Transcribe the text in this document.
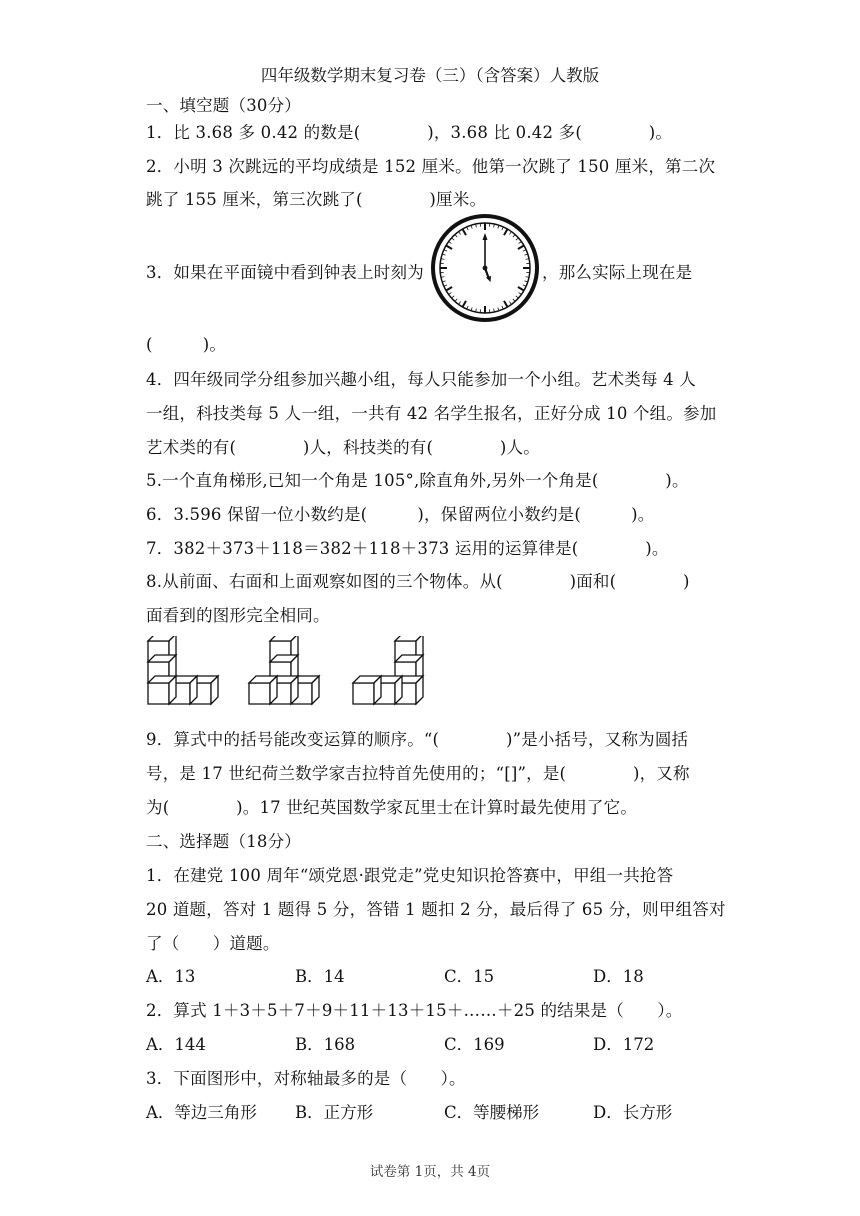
四年级数学期末复习卷（三）（含答案）人教版
一、填空题（30分）
1．比 3.68 多 0.42 的数是(　　　　)，3.68 比 0.42 多(　　　　)。
2．小明 3 次跳远的平均成绩是 152 厘米。他第一次跳了 150 厘米，第二次
跳了 155 厘米，第三次跳了(　　　　)厘米。
3．如果在平面镜中看到钟表上时刻为	，那么实际上现在是
(　　　)。
4．四年级同学分组参加兴趣小组，每人只能参加一个小组。艺术类每 4 人
一组，科技类每 5 人一组，一共有 42 名学生报名，正好分成 10 个组。参加
艺术类的有(　　　　)人，科技类的有(　　　　)人。
5.一个直角梯形,已知一个角是 105°,除直角外,另外一个角是(　　　　)。
6．3.596 保留一位小数约是(　　　)，保留两位小数约是(　　　)。
7．382＋373＋118＝382＋118＋373 运用的运算律是(　　　　)。
8.从前面、右面和上面观察如图的三个物体。从(　　　　)面和(　　　　)
面看到的图形完全相同。
9．算式中的括号能改变运算的顺序。“(　　　　)”是小括号，又称为圆括
号，是 17 世纪荷兰数学家吉拉特首先使用的；“[]”，是(　　　　)，又称
为(　　　　)。17 世纪英国数学家瓦里士在计算时最先使用了它。
二、选择题（18分）
1．在建党 100 周年“颂党恩·跟党走”党史知识抢答赛中，甲组一共抢答
20 道题，答对 1 题得 5 分，答错 1 题扣 2 分，最后得了 65 分，则甲组答对
了（　　）道题。
A．13	B．14	C．15	D．18
2．算式 1＋3＋5＋7＋9＋11＋13＋15＋……＋25 的结果是（　　）。
A．144	B．168	C．169	D．172
3．下面图形中，对称轴最多的是（　　）。
A．等边三角形 B．正方形	C．等腰梯形	D．长方形
试卷第 1页，共 4页
